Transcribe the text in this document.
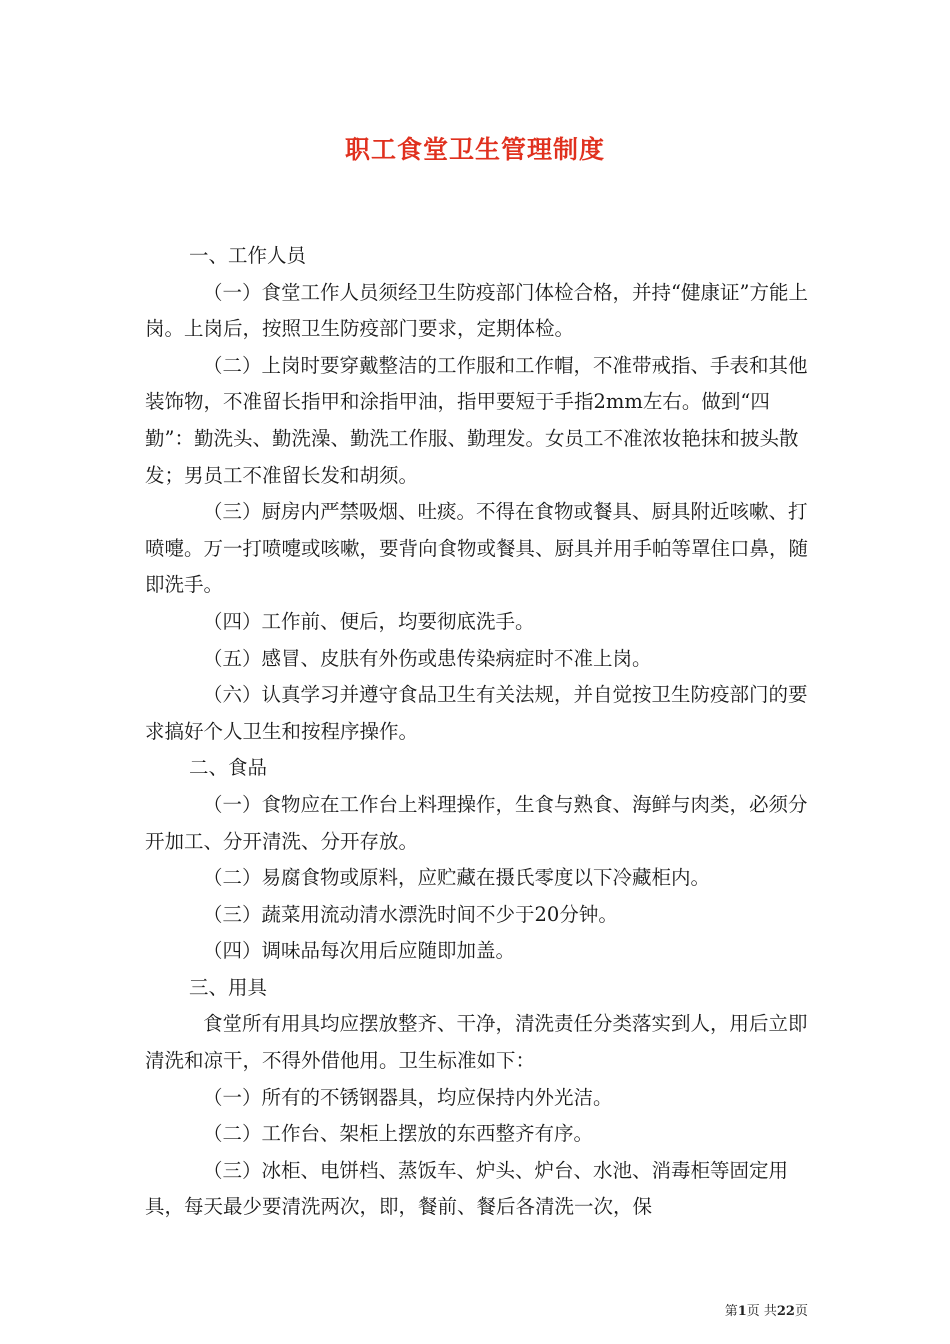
职工食堂卫生管理制度

一、工作人员

（一）食堂工作人员须经卫生防疫部门体检合格，并持“健康证”方能上岗。上岗后，按照卫生防疫部门要求，定期体检。

（二）上岗时要穿戴整洁的工作服和工作帽，不准带戒指、手表和其他装饰物，不准留长指甲和涂指甲油，指甲要短于手指2mm左右。做到“四勤”：勤洗头、勤洗澡、勤洗工作服、勤理发。女员工不准浓妆艳抹和披头散发；男员工不准留长发和胡须。

（三）厨房内严禁吸烟、吐痰。不得在食物或餐具、厨具附近咳嗽、打喷嚏。万一打喷嚏或咳嗽，要背向食物或餐具、厨具并用手帕等罩住口鼻，随即洗手。

（四）工作前、便后，均要彻底洗手。

（五）感冒、皮肤有外伤或患传染病症时不准上岗。

（六）认真学习并遵守食品卫生有关法规，并自觉按卫生防疫部门的要求搞好个人卫生和按程序操作。

二、食品

（一）食物应在工作台上料理操作，生食与熟食、海鲜与肉类，必须分开加工、分开清洗、分开存放。

（二）易腐食物或原料，应贮藏在摄氏零度以下冷藏柜内。

（三）蔬菜用流动清水漂洗时间不少于20分钟。

（四）调味品每次用后应随即加盖。

三、用具

食堂所有用具均应摆放整齐、干净，清洗责任分类落实到人，用后立即清洗和凉干，不得外借他用。卫生标准如下：

（一）所有的不锈钢器具，均应保持内外光洁。

（二）工作台、架柜上摆放的东西整齐有序。

（三）冰柜、电饼档、蒸饭车、炉头、炉台、水池、消毒柜等固定用具，每天最少要清洗两次，即，餐前、餐后各清洗一次，保

第1页 共22页
